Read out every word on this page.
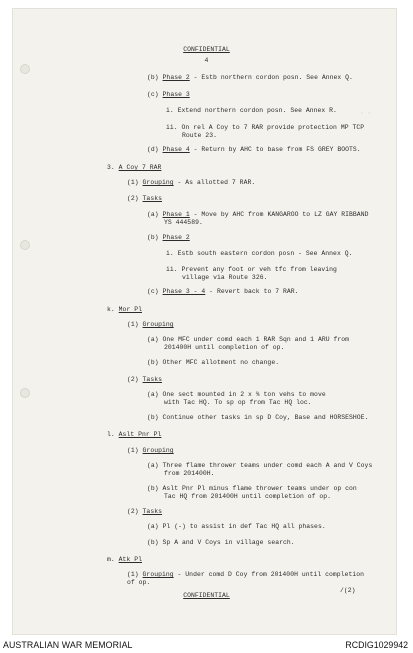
· ·
CONFIDENTIAL
4
(b) Phase 2 - Estb northern cordon posn. See Annex Q.
(c) Phase 3
i. Extend northern cordon posn. See Annex R.
ii. On rel A Coy to 7 RAR provide protection MP TCP
Route 23.
(d) Phase 4 - Return by AHC to base from FS GREY BOOTS.
3. A Coy 7 RAR
(1) Grouping - As allotted 7 RAR.
(2) Tasks
(a) Phase 1 - Move by AHC from KANGAROO to LZ GAY RIBBAND
YS 444589.
(b) Phase 2
i. Estb south eastern cordon posn - See Annex Q.
ii. Prevent any foot or veh tfc from leaving
village via Route 326.
(c) Phase 3 - 4 - Revert back to 7 RAR.
k. Mor Pl
(1) Grouping
(a) One MFC under comd each 1 RAR Sqn and 1 ARU from
201400H until completion of op.
(b) Other MFC allotment no change.
(2) Tasks
(a) One sect mounted in 2 x ¾ ton vehs to move
with Tac HQ. To sp op from Tac HQ loc.
(b) Continue other tasks in sp D Coy, Base and HORSESHOE.
l. Aslt Pnr Pl
(1) Grouping
(a) Three flame thrower teams under comd each A and V Coys
from 201400H.
(b) Aslt Pnr Pl minus flame thrower teams under op con
Tac HQ from 201400H until completion of op.
(2) Tasks
(a) Pl (-) to assist in def Tac HQ all phases.
(b) Sp A and V Coys in village search.
m. Atk Pl
(1) Grouping - Under comd D Coy from 201400H until completion
of op.
CONFIDENTIAL
/(2)
AUSTRALIAN WAR MEMORIAL	RCDIG1029942
